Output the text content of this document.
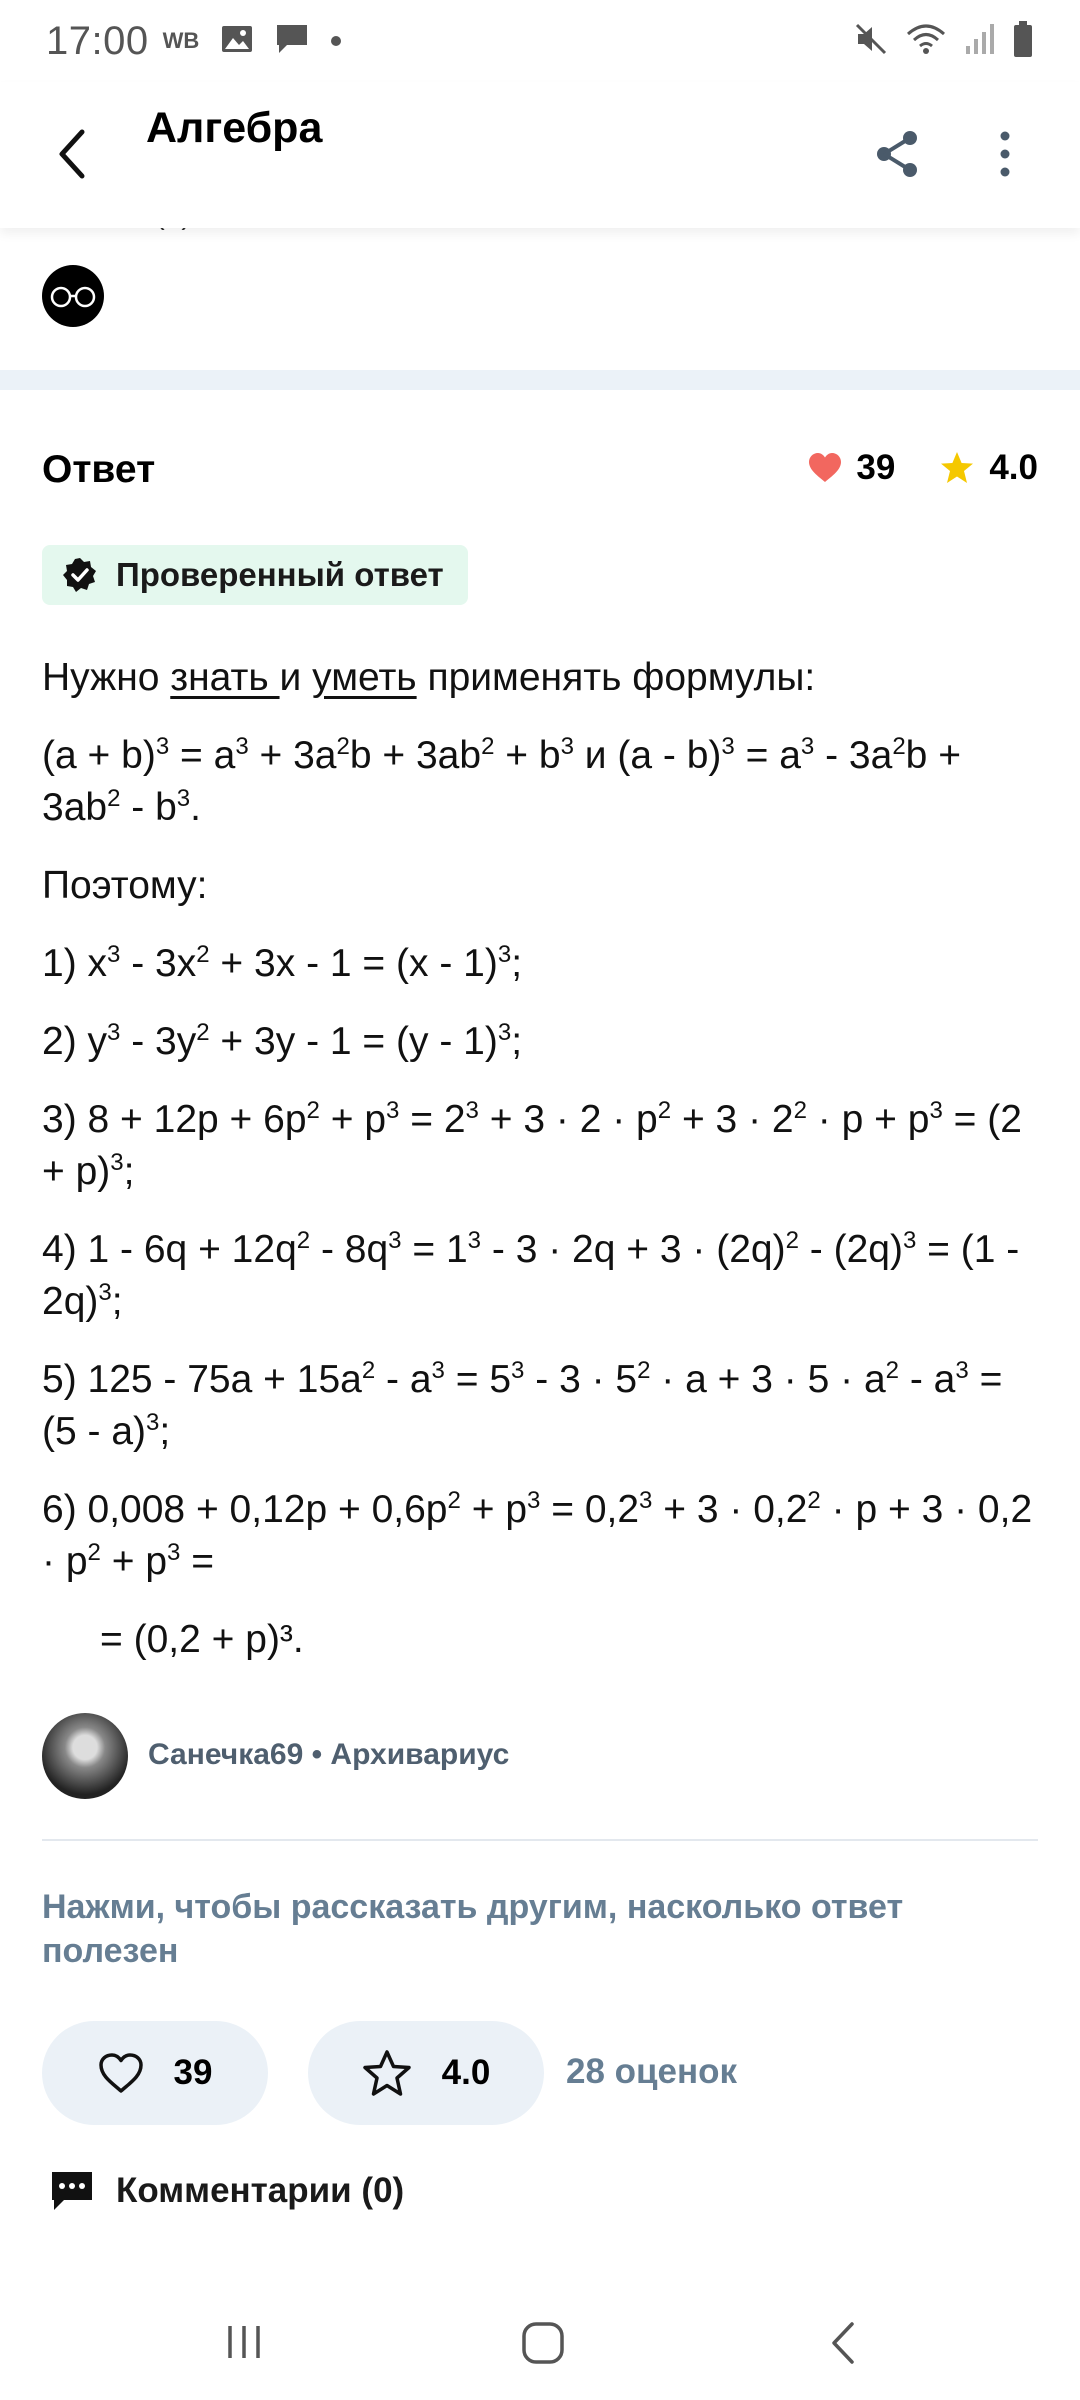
17:00 WB
Алгебра
Ответ	39	4.0
Проверенный ответ

Нужно знать и уметь применять формулы:

$(a + b)^3 = a^3 + 3a^2b + 3ab^2 + b^3$ и $(a - b)^3 = a^3 - 3a^2b + 3ab^2 - b^3$.

Поэтому:

1) $x^3 - 3x^2 + 3x - 1 = (x - 1)^3$;

2) $y^3 - 3y^2 + 3y - 1 = (y - 1)^3$;

3) $8 + 12p + 6p^2 + p^3 = 2^3 + 3 \cdot 2 \cdot p^2 + 3 \cdot 2^2 \cdot p + p^3 = (2 + p)^3$;

4) $1 - 6q + 12q^2 - 8q^3 = 1^3 - 3 \cdot 2q + 3 \cdot (2q)^2 - (2q)^3 = (1 - 2q)^3$;

5) $125 - 75a + 15a^2 - a^3 = 5^3 - 3 \cdot 5^2 \cdot a + 3 \cdot 5 \cdot a^2 - a^3 = (5 - a)^3$;

6) $0,008 + 0,12p + 0,6p^2 + p^3 = 0,2^3 + 3 \cdot 0,2^2 \cdot p + 3 \cdot 0,2 \cdot p^2 + p^3$ =

= (0,2 + p)³.

Санечка69 • Архивариус
Нажми, чтобы рассказать другим, насколько ответ полезен
39	4.0 28 оценок
Комментарии (0)
